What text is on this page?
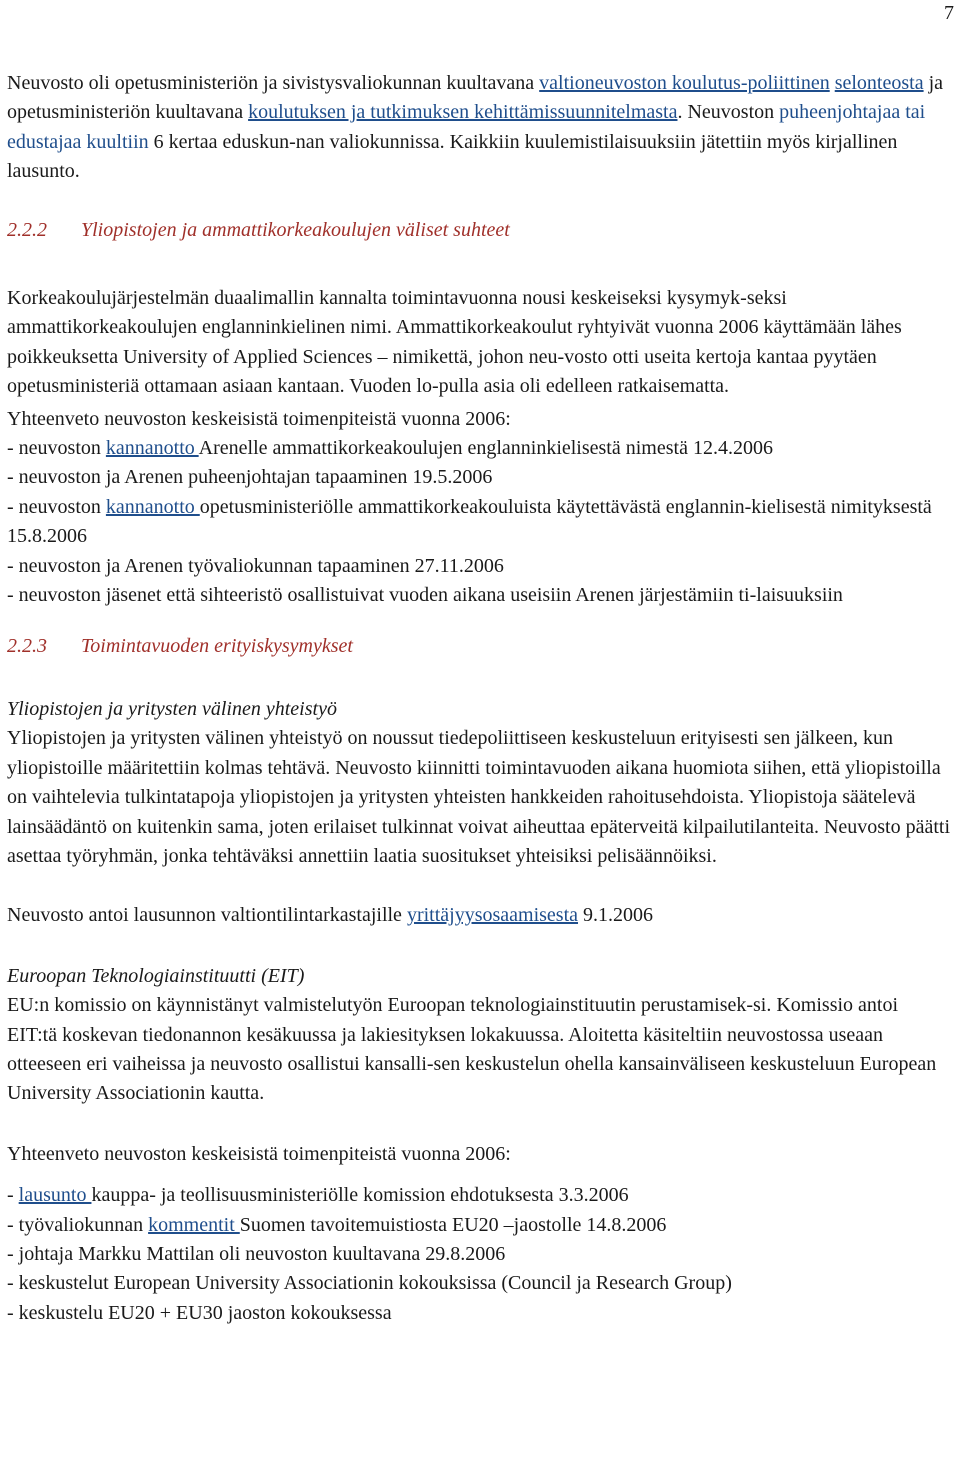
7

Neuvosto oli opetusministeriön ja sivistysvaliokunnan kuultavana valtioneuvoston koulutus-poliittinen selonteosta ja opetusministeriön kuultavana koulutuksen ja tutkimuksen kehittämissuunnitelmasta. Neuvoston puheenjohtajaa tai edustajaa kuultiin 6 kertaa eduskun-nan valiokunnissa. Kaikkiin kuulemistilaisuuksiin jätettiin myös kirjallinen lausunto.

2.2.2 Yliopistojen ja ammattikorkeakoulujen väliset suhteet

Korkeakoulujärjestelmän duaalimallin kannalta toimintavuonna nousi keskeiseksi kysymyk-seksi ammattikorkeakoulujen englanninkielinen nimi. Ammattikorkeakoulut ryhtyivät vuonna 2006 käyttämään lähes poikkeuksetta University of Applied Sciences – nimikettä, johon neu-vosto otti useita kertoja kantaa pyytäen opetusministeriä ottamaan asiaan kantaan. Vuoden lo-pulla asia oli edelleen ratkaisematta.

Yhteenveto neuvoston keskeisistä toimenpiteistä vuonna 2006:
- neuvoston kannanotto Arenelle ammattikorkeakoulujen englanninkielisestä nimestä 12.4.2006
- neuvoston ja Arenen puheenjohtajan tapaaminen 19.5.2006
- neuvoston kannanotto opetusministeriölle ammattikorkeakouluista käytettävästä englannin-kielisestä nimityksestä 15.8.2006
- neuvoston ja Arenen työvaliokunnan tapaaminen 27.11.2006
- neuvoston jäsenet että sihteeristö osallistuivat vuoden aikana useisiin Arenen järjestämiin ti-laisuuksiin
2.2.3 Toimintavuoden erityiskysymykset
Yliopistojen ja yritysten välinen yhteistyö
Yliopistojen ja yritysten välinen yhteistyö on noussut tiedepoliittiseen keskusteluun erityisesti sen jälkeen, kun yliopistoille määritettiin kolmas tehtävä. Neuvosto kiinnitti toimintavuoden aikana huomiota siihen, että yliopistoilla on vaihtelevia tulkintatapoja yliopistojen ja yritysten yhteisten hankkeiden rahoitusehdoista. Yliopistoja säätelevä lainsäädäntö on kuitenkin sama, joten erilaiset tulkinnat voivat aiheuttaa epäterveitä kilpailutilanteita. Neuvosto päätti asettaa työryhmän, jonka tehtäväksi annettiin laatia suositukset yhteisiksi pelisäännöiksi.

Neuvosto antoi lausunnon valtiontilintarkastajille yrittäjyysosaamisesta 9.1.2006

Euroopan Teknologiainstituutti (EIT)
EU:n komissio on käynnistänyt valmistelutyön Euroopan teknologiainstituutin perustamisek-si. Komissio antoi EIT:tä koskevan tiedonannon kesäkuussa ja lakiesityksen lokakuussa. Aloitetta käsiteltiin neuvostossa useaan otteeseen eri vaiheissa ja neuvosto osallistui kansalli-sen keskustelun ohella kansainväliseen keskusteluun European University Associationin kautta.
Yhteenveto neuvoston keskeisistä toimenpiteistä vuonna 2006:
- lausunto kauppa- ja teollisuusministeriölle komission ehdotuksesta 3.3.2006
- työvaliokunnan kommentit Suomen tavoitemuistiosta EU20 –jaostolle 14.8.2006
- johtaja Markku Mattilan oli neuvoston kuultavana 29.8.2006
- keskustelut European University Associationin kokouksissa (Council ja Research Group)
- keskustelu EU20 + EU30 jaoston kokouksessa
